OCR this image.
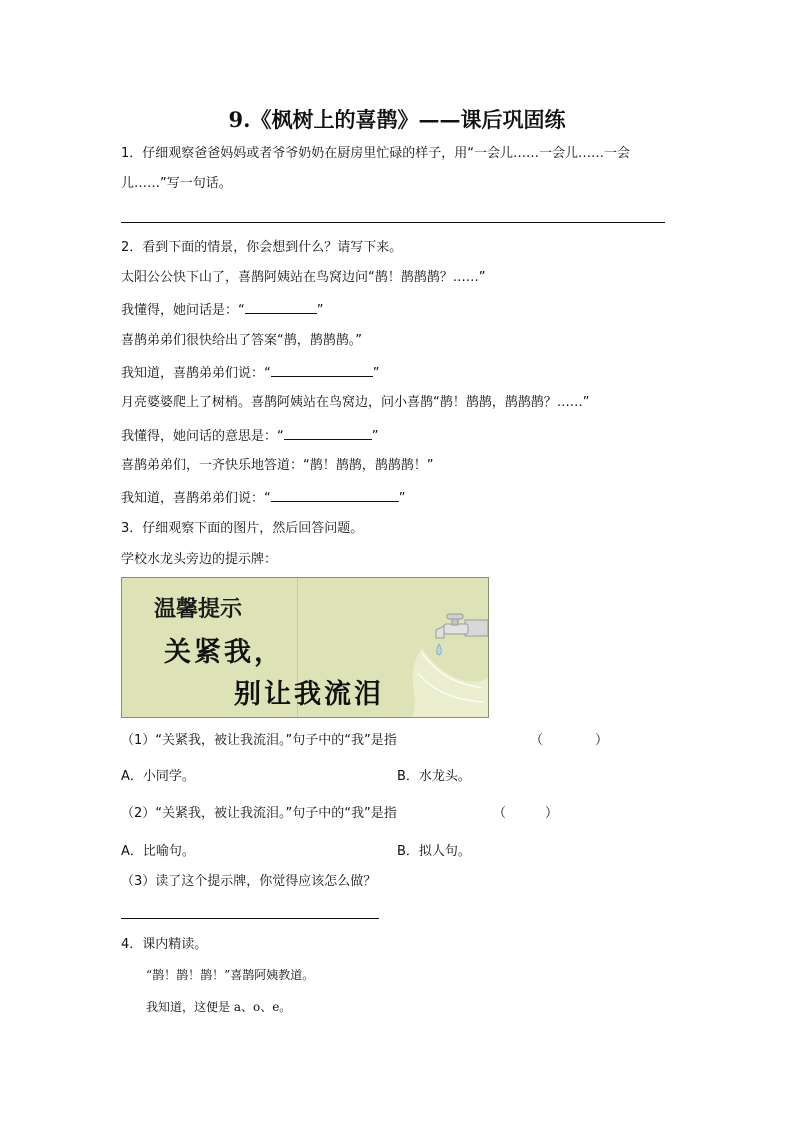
9.《枫树上的喜鹊》——课后巩固练
1．仔细观察爸爸妈妈或者爷爷奶奶在厨房里忙碌的样子，用“一会儿……一会儿……一会
儿……”写一句话。
2．看到下面的情景，你会想到什么？请写下来。
太阳公公快下山了，喜鹊阿姨站在鸟窝边问“鹊！鹊鹊鹊？……”
我懂得，她问话是：“	”
喜鹊弟弟们很快给出了答案“鹊，鹊鹊鹊。”
我知道，喜鹊弟弟们说：“	”
月亮婆婆爬上了树梢。喜鹊阿姨站在鸟窝边，问小喜鹊“鹊！鹊鹊，鹊鹊鹊？……”
我懂得，她问话的意思是：“	”
喜鹊弟弟们，一齐快乐地答道：“鹊！鹊鹊，鹊鹊鹊！”
我知道，喜鹊弟弟们说：“	”
3．仔细观察下面的图片，然后回答问题。
学校水龙头旁边的提示牌：
温馨提示
关紧我，
别让我流泪
（1）“关紧我，被让我流泪。”句子中的“我”是指	（　　　　）
A．小同学。	B．水龙头。
（2）“关紧我，被让我流泪。”句子中的“我”是指	（　　　）
A．比喻句。	B．拟人句。
（3）读了这个提示牌，你觉得应该怎么做？
4．课内精读。
“鹊！鹊！鹊！”喜鹊阿姨教道。
我知道，这便是 a、o、e。
